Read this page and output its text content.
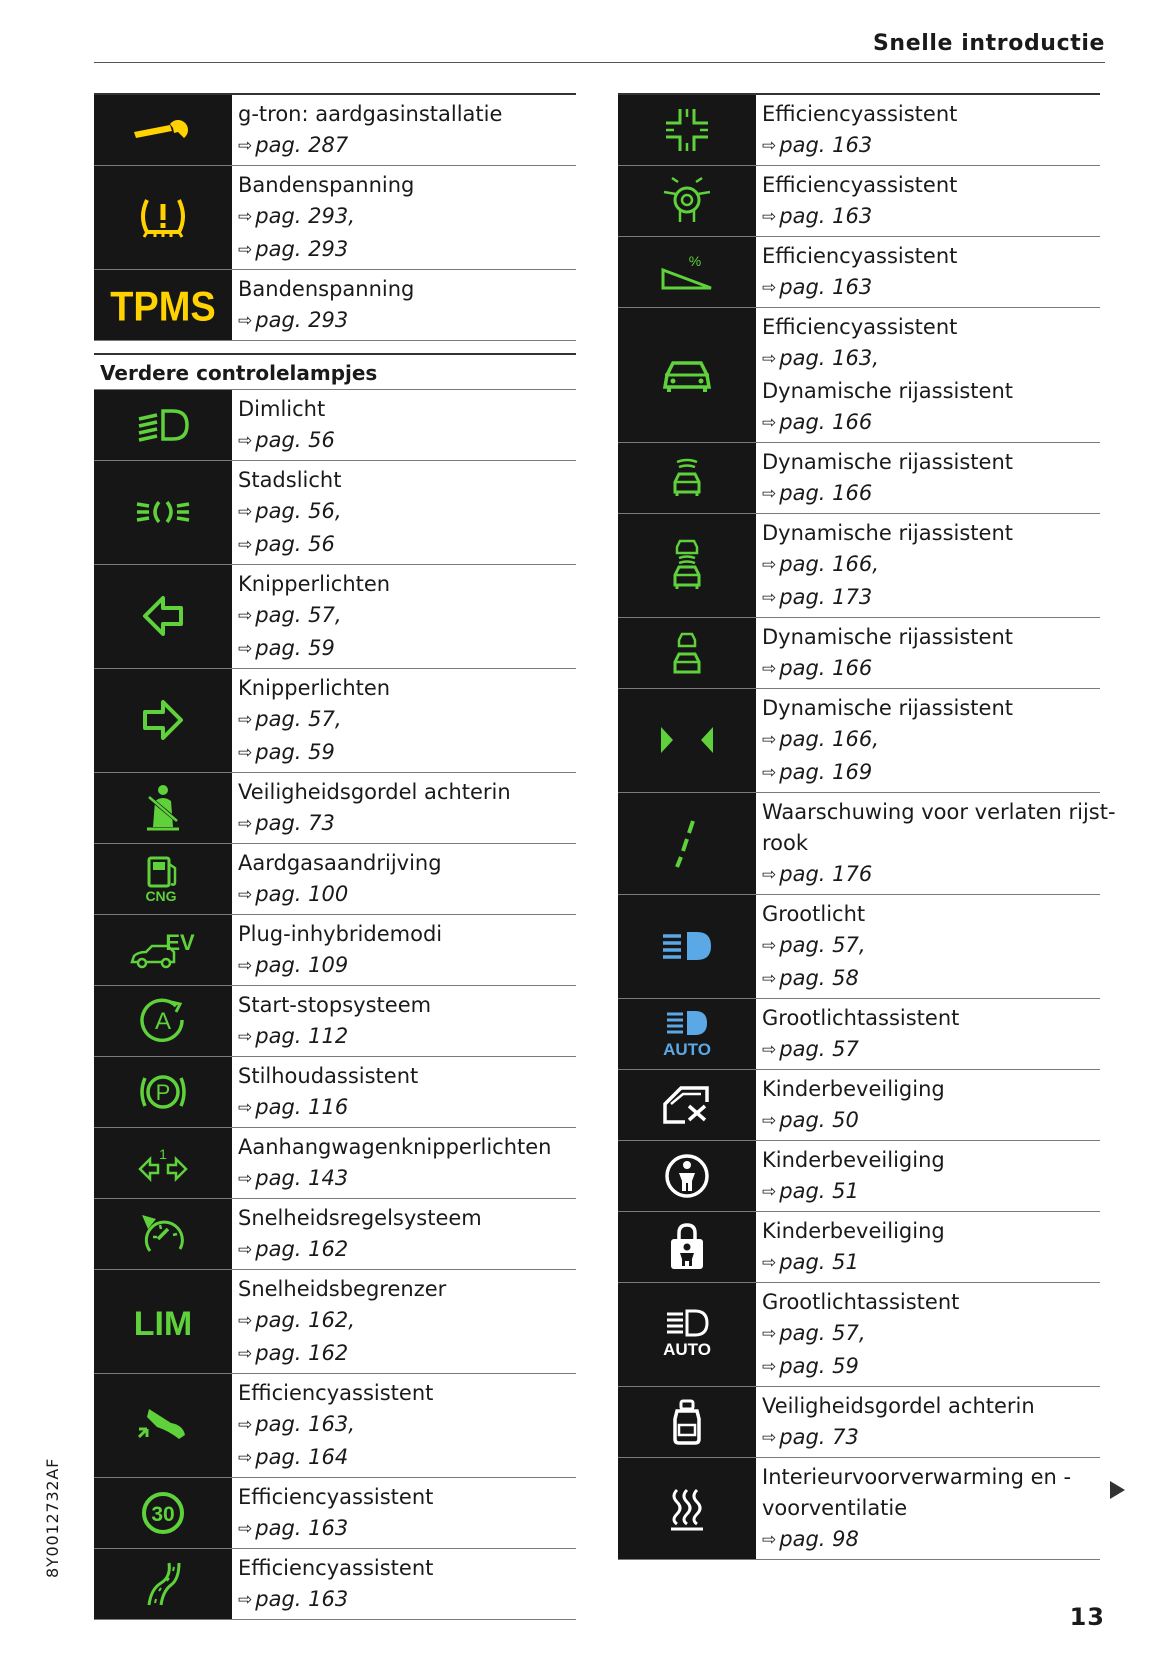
Snelle introductie
g-tron: aardgasinstallatie
⇨ pag. 287
Bandenspanning
⇨ pag. 293,
⇨ pag. 293
TPMS Bandenspanning
⇨ pag. 293
Verdere controlelampjes
Dimlicht
⇨ pag. 56
Stadslicht
⇨ pag. 56,
⇨ pag. 56
Knipperlichten
⇨ pag. 57,
⇨ pag. 59
Knipperlichten
⇨ pag. 57,
⇨ pag. 59
Veiligheidsgordel achterin
⇨ pag. 73
CNG
Aardgasaandrijving
⇨ pag. 100
EV Plug-inhybridemodi
⇨ pag. 109
A
Start-stopsysteem
⇨ pag. 112
P
Stilhoudassistent
⇨ pag. 116
1	Aanhangwagenknipperlichten
⇨ pag. 143
Snelheidsregelsysteem
⇨ pag. 162
LIM
Snelheidsbegrenzer
⇨ pag. 162,
⇨ pag. 162
Efficiencyassistent
⇨ pag. 163,
⇨ pag. 164
30
Efficiencyassistent
⇨ pag. 163
Efficiencyassistent
⇨ pag. 163
Efficiencyassistent
⇨ pag. 163
Efficiencyassistent
⇨ pag. 163
%	Efficiencyassistent
⇨ pag. 163
Efficiencyassistent
⇨ pag. 163,
Dynamische rijassistent
⇨ pag. 166
Dynamische rijassistent
⇨ pag. 166
Dynamische rijassistent
⇨ pag. 166,
⇨ pag. 173
Dynamische rijassistent
⇨ pag. 166
Dynamische rijassistent
⇨ pag. 166,
⇨ pag. 169
Waarschuwing voor verlaten rijst-
rook
⇨ pag. 176
Grootlicht
⇨ pag. 57,
⇨ pag. 58
AUTO
Grootlichtassistent
⇨ pag. 57
Kinderbeveiliging
⇨ pag. 50
Kinderbeveiliging
⇨ pag. 51
Kinderbeveiliging
⇨ pag. 51
AUTO
Grootlichtassistent
⇨ pag. 57,
⇨ pag. 59
Veiligheidsgordel achterin
⇨ pag. 73
Interieurvoorverwarming en -
voorventilatie
⇨ pag. 98
8Y0012732AF
13
